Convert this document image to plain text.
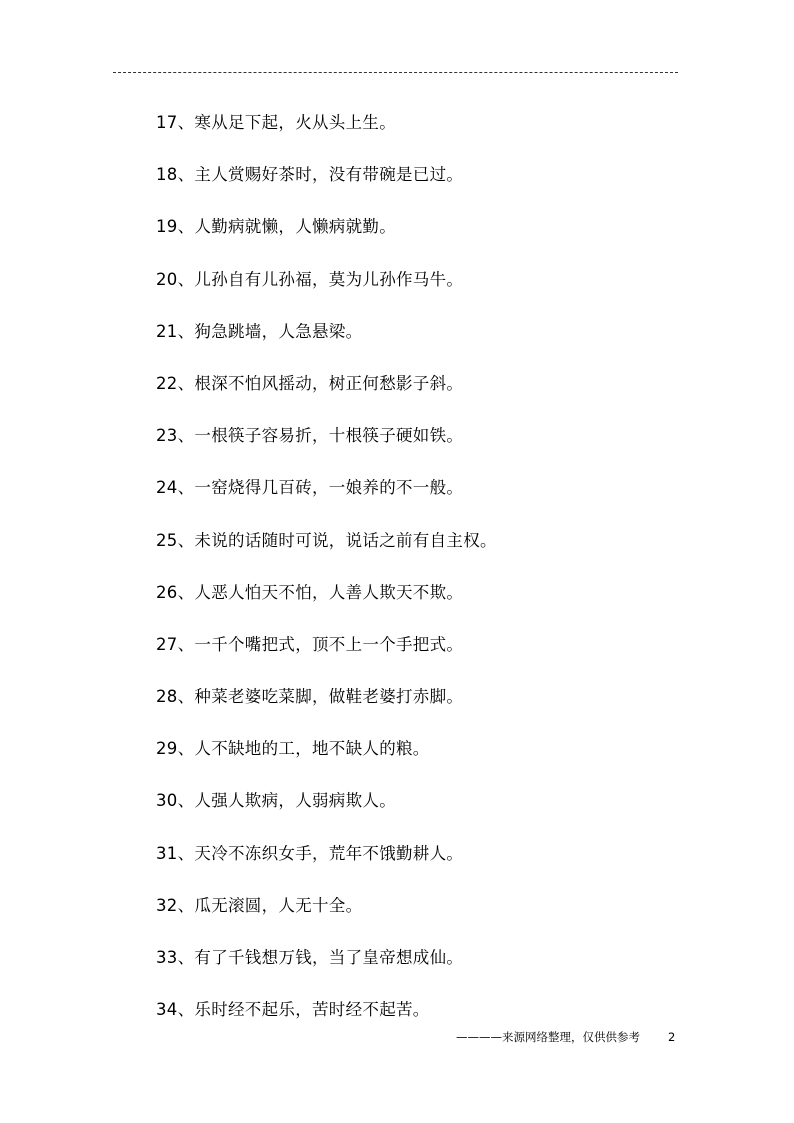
17、寒从足下起，火从头上生。
18、主人赏赐好茶时，没有带碗是已过。
19、人勤病就懒，人懒病就勤。
20、儿孙自有儿孙福，莫为儿孙作马牛。
21、狗急跳墙，人急悬梁。
22、根深不怕风摇动，树正何愁影子斜。
23、一根筷子容易折，十根筷子硬如铁。
24、一窑烧得几百砖，一娘养的不一般。
25、未说的话随时可说，说话之前有自主权。
26、人恶人怕天不怕，人善人欺天不欺。
27、一千个嘴把式，顶不上一个手把式。
28、种菜老婆吃菜脚，做鞋老婆打赤脚。
29、人不缺地的工，地不缺人的粮。
30、人强人欺病，人弱病欺人。
31、天冷不冻织女手，荒年不饿勤耕人。
32、瓜无滚圆，人无十全。
33、有了千钱想万钱，当了皇帝想成仙。
34、乐时经不起乐，苦时经不起苦。
————来源网络整理，仅供供参考 2
